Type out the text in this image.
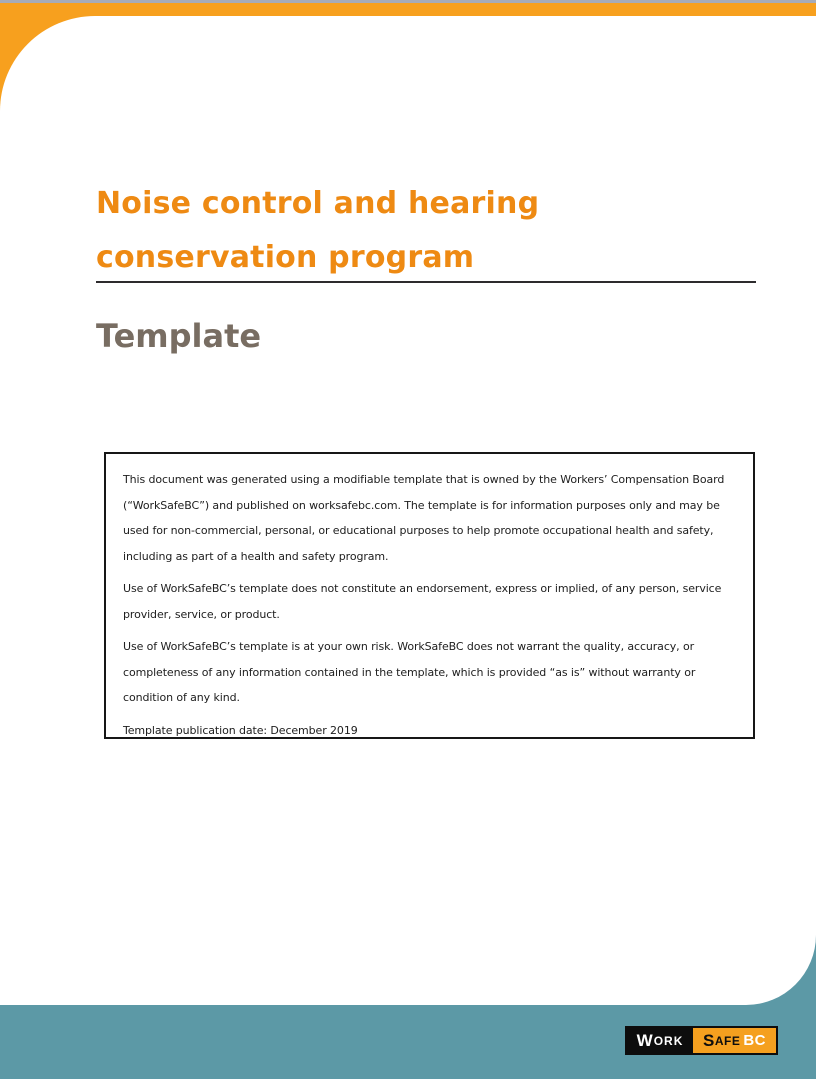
Noise control and hearing
conservation program
Template

This document was generated using a modifiable template that is owned by the Workers’ Compensation Board (“WorkSafeBC”) and published on worksafebc.com. The template is for information purposes only and may be used for non-commercial, personal, or educational purposes to help promote occupational health and safety, including as part of a health and safety program.

Use of WorkSafeBC’s template does not constitute an endorsement, express or implied, of any person, service provider, service, or product.

Use of WorkSafeBC’s template is at your own risk. WorkSafeBC does not warrant the quality, accuracy, or completeness of any information contained in the template, which is provided “as is” without warranty or condition of any kind.

Template publication date: December 2019

W ORK S AFE BC
